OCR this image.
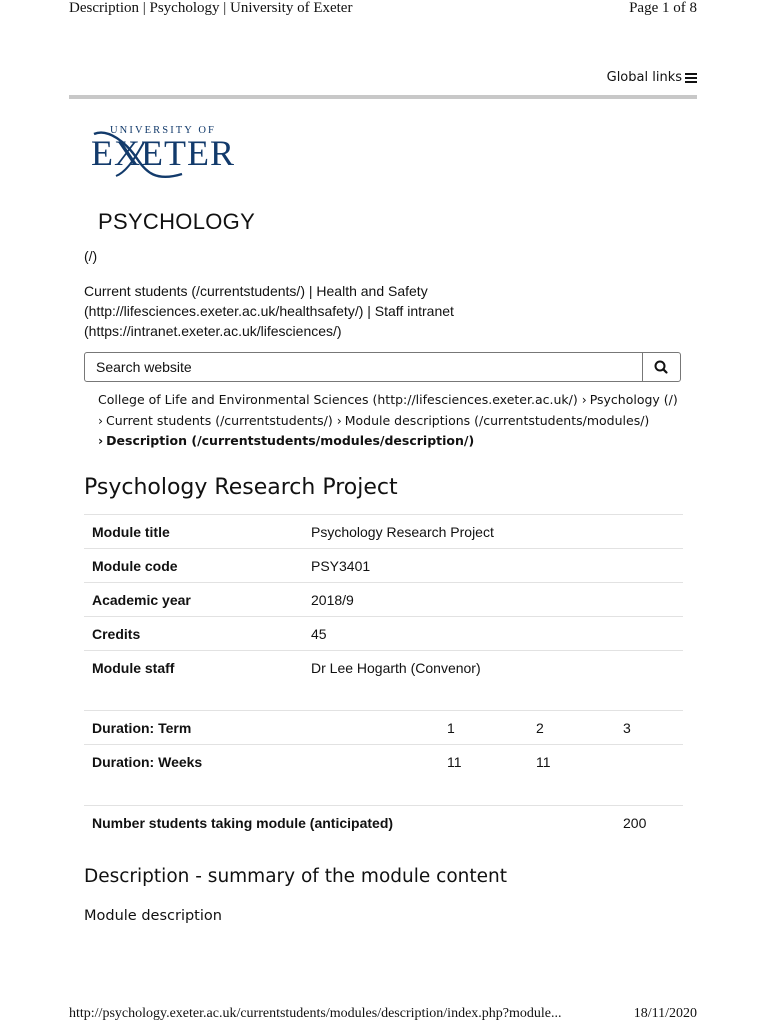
Description | Psychology | University of Exeter	Page 1 of 8
Global links
UNIVERSITY OF
EXETER
PSYCHOLOGY
(/)
Current students (/currentstudents/) | Health and Safety (http://lifesciences.exeter.ac.uk/healthsafety/) | Staff intranet (https://intranet.exeter.ac.uk/lifesciences/)
Search website
College of Life and Environmental Sciences (http://lifesciences.exeter.ac.uk/) › Psychology (/)
› Current students (/currentstudents/) › Module descriptions (/currentstudents/modules/)
› Description (/currentstudents/modules/description/)
Psychology Research Project
Module title	Psychology Research Project
Module code	PSY3401
Academic year	2018/9
Credits	45
Module staff	Dr Lee Hogarth (Convenor)
Duration: Term	1	2	3
Duration: Weeks	11	11	
Number students taking module (anticipated)	200
Description - summary of the module content
Module description
http://psychology.exeter.ac.uk/currentstudents/modules/description/index.php?module...	18/11/2020
